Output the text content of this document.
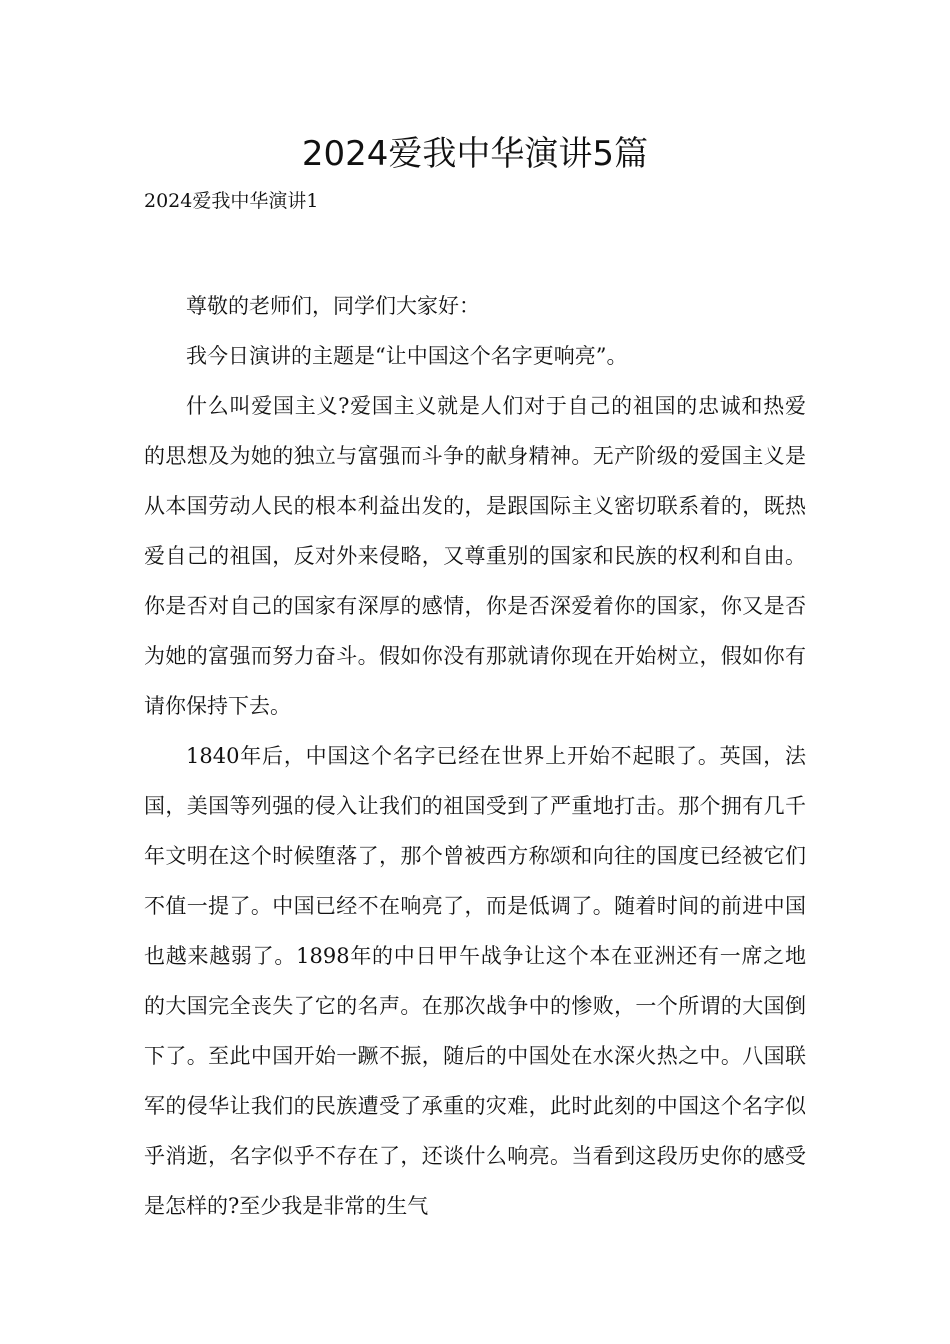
2024爱我中华演讲5篇
2024爱我中华演讲1

尊敬的老师们，同学们大家好：

我今日演讲的主题是“让中国这个名字更响亮”。

什么叫爱国主义?爱国主义就是人们对于自己的祖国的忠诚和热爱的思想及为她的独立与富强而斗争的献身精神。无产阶级的爱国主义是从本国劳动人民的根本利益出发的，是跟国际主义密切联系着的，既热爱自己的祖国，反对外来侵略，又尊重别的国家和民族的权利和自由。你是否对自己的国家有深厚的感情，你是否深爱着你的国家，你又是否为她的富强而努力奋斗。假如你没有那就请你现在开始树立，假如你有请你保持下去。

1840年后，中国这个名字已经在世界上开始不起眼了。英国，法国，美国等列强的侵入让我们的祖国受到了严重地打击。那个拥有几千年文明在这个时候堕落了，那个曾被西方称颂和向往的国度已经被它们不值一提了。中国已经不在响亮了，而是低调了。随着时间的前进中国也越来越弱了。1898年的中日甲午战争让这个本在亚洲还有一席之地的大国完全丧失了它的名声。在那次战争中的惨败，一个所谓的大国倒下了。至此中国开始一蹶不振，随后的中国处在水深火热之中。八国联军的侵华让我们的民族遭受了承重的灾难，此时此刻的中国这个名字似乎消逝，名字似乎不存在了，还谈什么响亮。当看到这段历史你的感受是怎样的?至少我是非常的生气
